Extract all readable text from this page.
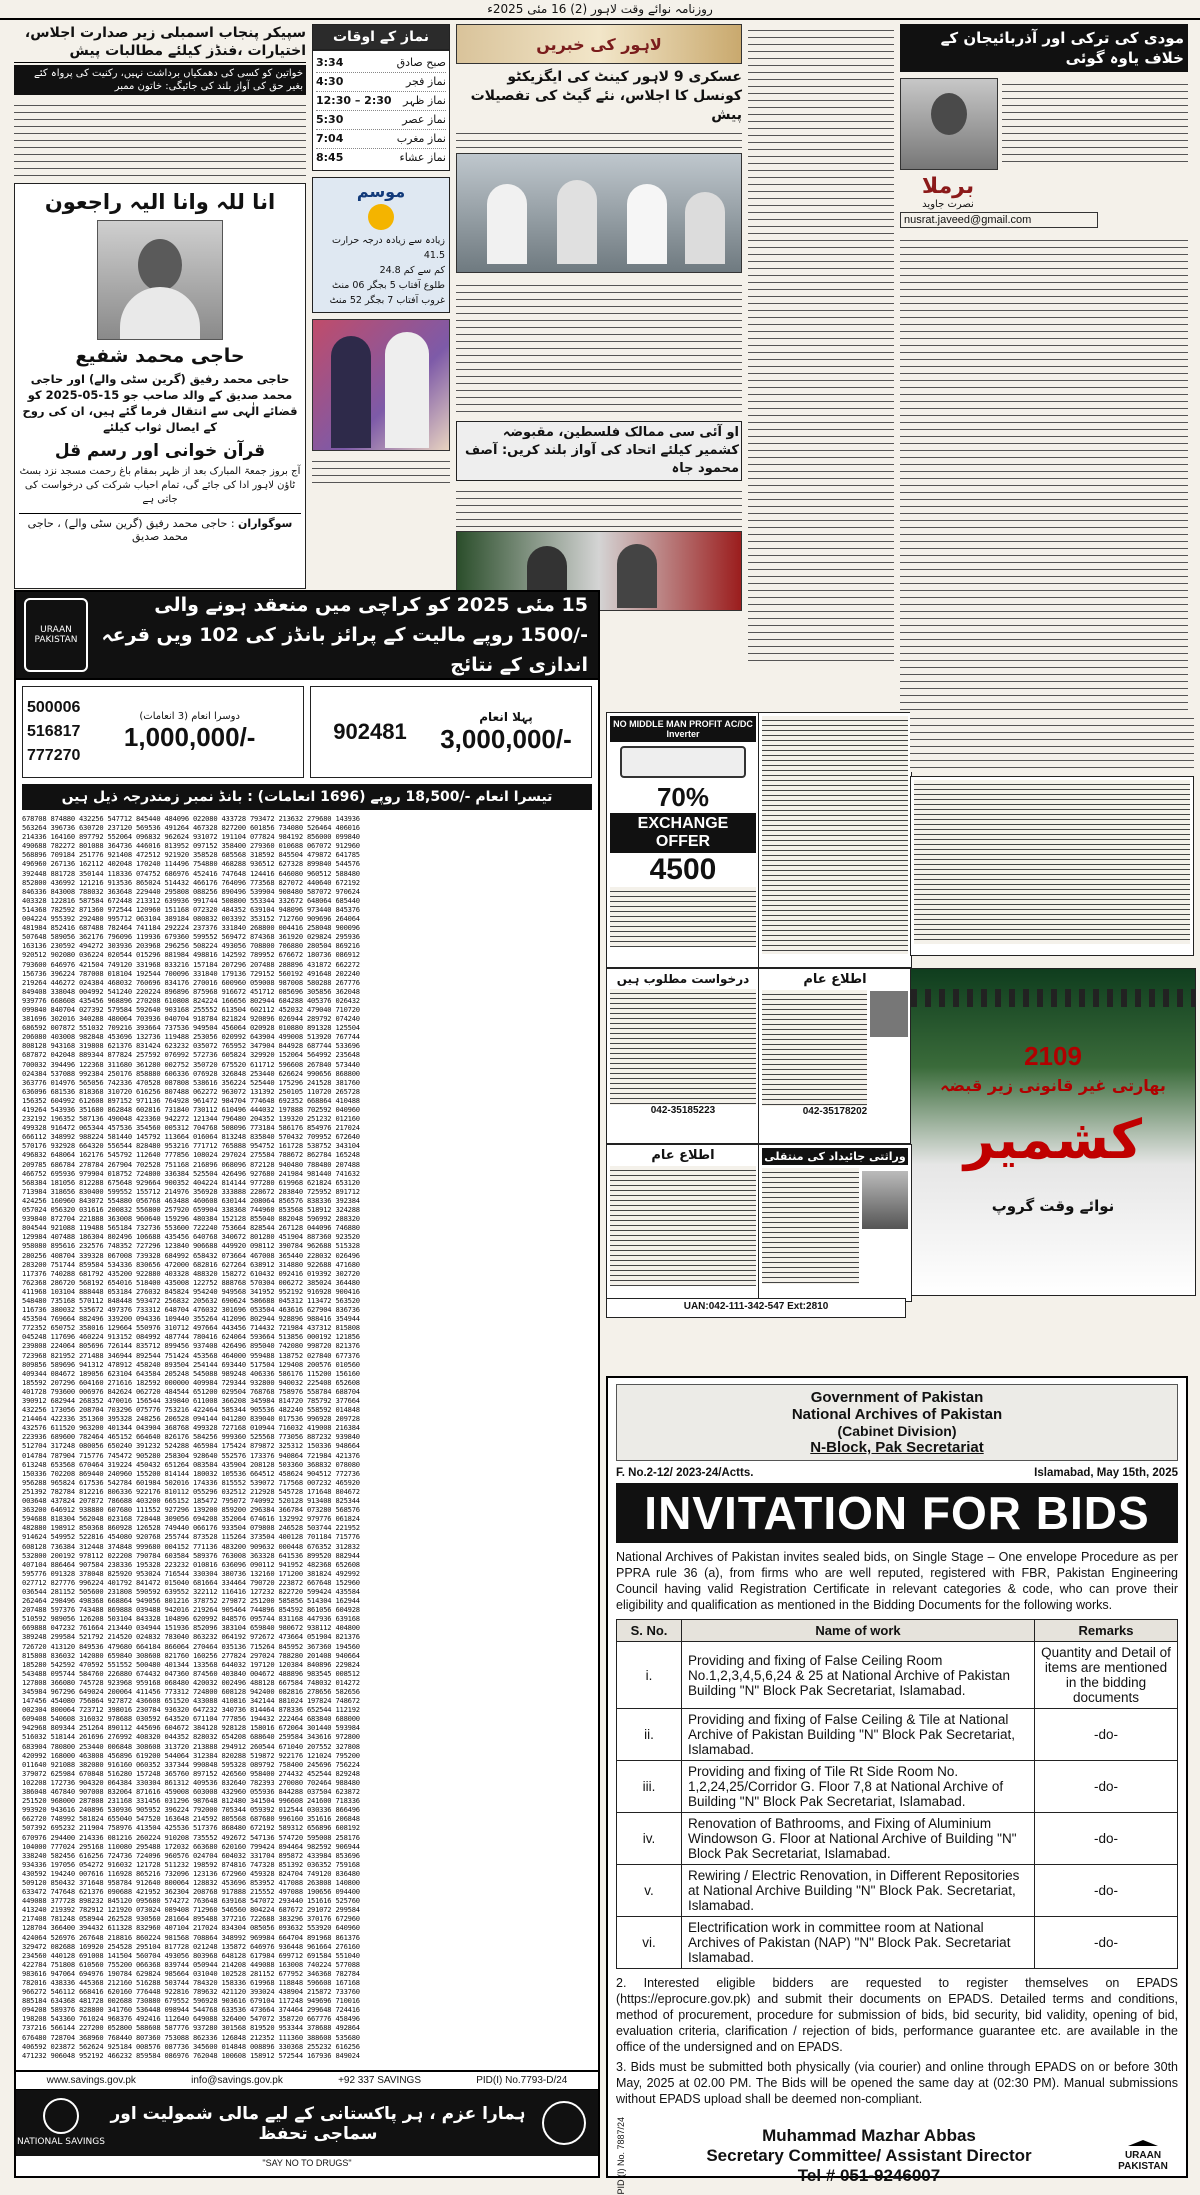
روزنامہ نوائے وقت لاہور (2) 16 مئی 2025ء
سپیکر پنجاب اسمبلی زیر صدارت اجلاس، اختیارات ،فنڈز کیلئے مطالبات پیش
خواتین کو کسی کی دھمکیاں برداشت نہیں، رکنیت کی پرواہ کئے بغیر حق کی آواز بلند کی جائیگی: خاتون ممبر
انا للہ وانا الیہ راجعون
حاجی محمد شفیع
حاجی محمد رفیق (گرین سٹی والے) اور حاجی محمد صدیق کے والد صاحب جو 15-05-2025 کو قضائے الٰہی سے انتقال فرما گئے ہیں، ان کی روح کے ایصال ثواب کیلئے
قرآن خوانی اور رسم قل
آج بروز جمعۃ المبارک بعد از ظہر بمقام باغ رحمت مسجد نزد بسٹ ٹاؤن لاہور ادا کی جائے گی، تمام احباب شرکت کی درخواست کی جاتی ہے
سوگواران : حاجی محمد رفیق (گرین سٹی والے) ، حاجی محمد صدیق
نماز کے اوقات
3:34	صبح صادق
4:30	نماز فجر
12:30 – 2:30 نماز ظہر
5:30	نماز عصر
7:04	نماز مغرب
8:45	نماز عشاء
موسم
زیادہ سے زیادہ درجہ حرارت 41.5
کم سے کم 24.8
طلوع آفتاب 5 بجگر 06 منٹ
غروب آفتاب 7 بجگر 52 منٹ
لاہور کی خبریں
عسکری 9 لاہور کینٹ کی ایگزیکٹو کونسل کا اجلاس، نئے گیٹ کی تفصیلات پیش
او آئی سی ممالک فلسطین، مقبوضہ کشمیر کیلئے اتحاد کی آواز بلند کریں: آصف محمود جاہ
مودی کی ترکی اور آذربائیجان کے خلاف یاوہ گوئی
برملا
نصرت جاوید
nusrat.javeed@gmail.com
URAAN PAKISTAN
15 مئی 2025 کو کراچی میں منعقد ہونے والی -/1500 روپے مالیت کے پرائز بانڈز کی 102 ویں قرعہ اندازی کے نتائج
500006
516817
777270
دوسرا انعام (3 انعامات)
1,000,000/-	902481
پہلا انعام
3,000,000/-
تیسرا انعام -/18,500 روپے (1696 انعامات) : بانڈ نمبر زمندرجہ ذیل ہیں
678708 874880 432256 547712 845440 484096 022080 433728 793472 213632 279680 143936
563264 396736 630720 237120 569536 491264 467328 827200 601856 734080 526464 406016
214336 164160 897792 552064 096832 962624 931072 191104 077824 984192 856000 099840
490688 782272 801088 364736 446016 813952 097152 358400 279360 010688 067072 912960
568896 709184 251776 921408 472512 921920 358528 685568 318592 845504 479872 641785
496960 267136 162112 402048 170240 114496 754880 468288 936512 627328 899840 544576
392448 881728 350144 118336 074752 686976 452416 747648 124416 646080 960512 588480
852800 436992 121216 913536 865024 514432 466176 764096 773568 827072 440640 672192
846336 843008 788032 363648 229440 295808 088256 890496 539904 908480 587072 970624
403328 122816 587584 672448 213312 639936 991744 508800 553344 332672 648064 685440
514368 782592 871360 972544 120960 151168 072320 484352 639104 948096 973440 845376
004224 955392 292480 995712 063104 389184 080832 003392 353152 712760 909696 264064
481984 852416 687488 782464 741184 292224 237376 331840 268800 004416 258048 900096
507648 589056 362176 796096 119936 679360 599552 569472 874368 361920 029824 295936
163136 230592 494272 303936 203968 296256 508224 493056 708800 706880 280504 869216
920512 902080 036224 020544 015296 881984 498816 142592 789952 676672 180736 086912
793600 646976 421504 749120 331968 833216 157184 207296 207488 288896 431872 662272
156736 396224 787008 018104 192544 700096 331840 179136 729152 560192 491648 202240
219264 446272 024384 468032 760696 834176 270016 600960 059008 987008 580288 267776
849408 338048 004992 541240 220224 896896 875968 916672 451712 085696 305856 362048
939776 668608 435456 968896 270208 610808 824224 166656 802944 684288 405376 026432
099840 840704 027392 579584 592640 903168 255552 613504 602112 452032 479040 710720
381696 302016 340288 480064 703936 040704 918784 821824 920896 026944 289792 074240
686592 007872 551032 709216 393664 737536 949504 456064 020928 010880 891328 125504
206080 403008 982848 453696 132736 119488 253056 020992 643904 499008 513920 767744
808128 943168 319808 621376 831424 623232 035072 765952 347904 844928 687744 533696
687872 042048 889344 877824 257592 076992 572736 605824 329920 152064 564992 235648
700032 394496 122368 311680 361280 002752 350720 675520 611712 596608 267840 573440
024384 537088 992384 250176 858880 606336 076928 326848 253440 626624 990656 868800
363776 014976 565056 742336 470528 087808 538616 356224 525440 175296 241528 381760
636096 681536 818368 310720 616256 807488 062272 963072 131392 250105 110720 265728
156352 604992 612608 897152 971136 764928 961472 984704 774648 692352 668864 410488
419264 543936 351680 862848 602816 731840 730112 610496 444032 197888 702592 040960
232192 196352 587136 490048 423360 942272 121344 796480 204352 139320 251232 012160
499328 916472 065344 457536 354560 005312 704768 508096 773184 586176 854976 217024
666112 348992 988224 581440 145792 113664 016064 813248 835840 570432 709952 672640
570176 932928 664320 556544 828480 953216 771712 765888 954752 161728 538752 343104
496832 648064 162176 545792 112640 777856 108024 297024 275584 788672 862784 165248
209785 686784 278784 267904 702528 751168 216896 068096 872128 940480 788480 207488
466752 695936 979904 018752 724800 336384 525504 426496 927680 241984 981440 741632
568384 181056 812288 675648 929664 900352 404224 814144 977280 619968 621824 653120
713984 318656 830400 599552 155712 214976 356928 333888 228672 283840 725952 891712
424256 160960 843072 554880 056768 463488 460608 630144 208064 856576 838336 392384
057024 056320 031616 200832 556800 257920 659904 338368 744960 853568 518912 324288
939840 872704 221888 363008 960640 159296 480384 152128 855040 882048 596992 288320
804544 921088 119488 565184 732736 553600 722240 753664 828544 267128 044096 746880
129984 407488 186304 802496 106688 435456 640768 340672 801280 451904 887360 923520
958080 895616 232576 748352 727296 123840 906688 449920 098112 390784 962688 515328
280256 408704 339328 067008 739328 684992 658432 073664 467008 365440 228032 026496
283200 751744 859584 534336 830656 472000 682816 627264 638912 314880 922688 471680
117376 740288 681792 435200 922880 403328 488320 158272 610432 092416 019392 302720
762368 286720 568192 654016 518400 435008 122752 888768 570304 006272 385024 364480
411968 103104 888448 053184 276032 845824 954240 949568 341952 952192 916928 900416
548480 735168 570112 848448 593472 256832 205632 690624 586688 045312 113472 563520
116736 380032 535672 497376 733312 648704 476032 301696 053504 463616 627904 836736
453504 769664 882496 339200 094336 109440 355264 412096 802944 928896 988416 354944
772352 650752 358016 129664 550976 310712 497664 443456 714432 721984 437312 815808
045248 117696 460224 913152 084992 487744 780416 624064 593664 513856 000192 121856
239808 224064 805696 726144 835712 899456 937408 426496 895040 742080 998720 821376
723968 821952 271488 346944 892544 751424 453568 464000 959488 138752 027840 677376
809856 589696 941312 478912 458240 893504 254144 693440 517504 129408 200576 010560
409344 084672 189056 623104 643584 205248 545088 989248 406336 586176 115200 156160
185592 207296 604160 271616 182592 000000 409984 729344 932800 940032 225408 652608
401728 793600 006976 842624 062720 484544 651200 029504 768768 758976 558784 688704
390912 682944 268352 470016 156544 339840 611008 366208 345984 814720 785792 377664
432256 173056 208704 703296 075776 753216 422464 585344 905536 482240 558592 014848
214464 422336 351360 395328 248256 206528 094144 041280 839040 017536 996928 209728
432576 611520 963200 401344 043904 368768 499328 727168 010944 716032 419008 216384
223936 689600 782464 465152 664640 826176 584256 999360 525568 773056 887232 939840
512704 317248 080056 650240 391232 524288 465984 175424 879872 325312 150336 948664
014784 787904 715776 745472 905280 258304 928640 552576 173376 940864 721984 421376
613248 653568 670464 319224 450432 651264 083584 435904 208128 503360 368832 078080
150336 702208 869440 240960 155200 814144 180032 105536 664512 458624 904512 772736
956288 965824 617536 542784 601984 502016 174336 815552 539072 717568 007232 465920
251392 782784 812216 806336 922176 810112 055296 032512 212928 545728 171648 804672
003648 437824 207872 786688 403200 665152 185472 795072 740992 520128 913408 825344
363200 646912 938880 607680 111552 927296 139200 859200 296384 366784 073280 568576
594688 818304 562048 023168 728448 309056 694208 352064 674616 132992 979776 061824
482880 198912 850368 860928 126528 749440 066176 933504 079808 246528 503744 221952
914624 549952 522816 454080 920768 255744 873528 115264 373504 400128 701184 715776
608128 736384 312448 374848 999680 004152 771136 483200 909632 000448 676352 312832
532800 200192 978112 022208 790784 603584 589376 763008 363328 641536 899520 882944
407104 886464 907584 238336 195328 223232 010816 636096 090112 941952 482368 652608
595776 091328 378048 825920 953024 716544 330304 380736 132160 171200 381824 492992
027712 827776 996224 401792 841472 015040 681664 334464 790720 223872 667648 152960
036544 281152 505600 231808 590592 639552 322112 116416 127232 822720 599424 435584
262464 298496 498368 668864 949056 801216 378752 279872 251200 585856 514304 162944
207488 597376 743488 869888 039488 942016 219264 905464 744896 854592 861056 604928
510592 989056 126208 503104 843328 104896 620992 848576 095744 831168 447936 639168
669888 047232 761664 213440 034944 151936 852096 383104 659840 980672 938112 404800
389248 299584 521792 214520 024832 783040 863232 064192 972672 473664 051904 821376
726720 413120 849536 479680 664184 866064 270464 035136 715264 845952 367360 194560
815808 836032 142080 659840 308608 821760 160256 277824 297024 788280 201408 940664
185280 542592 470592 551552 500480 401344 133568 644032 197120 120384 840896 229824
543488 095744 584760 226880 674432 047360 874560 403840 004672 488896 983545 008512
127808 366080 745728 923968 959168 068480 420032 002496 488128 667584 748032 014272
345984 967296 649024 200064 411456 773312 724800 608128 942400 082816 278656 582656
147456 454080 756864 927872 436608 651520 433088 410816 342144 881024 197824 748672
002304 800064 723712 398016 230784 936320 647232 340736 814464 878336 652544 112192
609408 540608 316032 978688 030592 643520 671104 777856 194432 222464 683840 688000
942968 809344 251264 890112 445696 604672 384128 928128 158016 672064 301440 593984
516032 518144 261696 276992 408320 044352 828032 654208 688640 259584 343616 972800
683904 780800 253440 006848 308608 313720 213888 294912 260544 671040 207552 327808
420992 168000 463808 456896 619200 544064 312384 820288 519872 922176 121024 795200
011640 921088 382080 916160 060352 337344 990848 595328 089792 758400 245696 756224
379072 625984 670848 516280 157248 365760 897152 426560 958400 274432 452544 829248
102208 172736 904320 064384 330304 861312 409536 832640 782393 270080 702464 988480
386048 467840 907008 832064 871616 459008 603008 432960 055936 844288 037504 623872
251520 968000 287808 231168 331456 031296 987648 812480 341504 996608 241600 718336
993920 943616 240896 530936 905952 396224 792000 705344 059392 012544 030336 866496
662720 748992 581824 655040 547520 163648 214592 805568 687680 996160 351616 206848
507392 695232 211904 758976 413504 425536 517376 868480 672192 589312 656896 608192
670976 294400 214336 081216 260224 910208 735552 492672 547136 574720 595008 258176
104000 777024 295168 110080 295488 172032 663680 620160 799424 894464 982592 906944
338240 582456 616256 724736 724096 960576 024704 604032 331704 895872 433984 853696
934336 197056 054272 916032 121728 511232 198592 874816 747328 851392 036352 759168
430592 194240 007616 116928 865216 732096 123136 672960 459328 824704 749120 836480
509120 850432 371648 958784 912640 800064 128832 453696 853952 417088 263808 140800
633472 747648 621376 090688 421952 362304 208768 917888 215552 497088 190656 094400
449088 377728 898232 845120 095680 574272 763648 639168 547072 293440 151616 525760
413240 219392 782912 121920 073024 089408 712960 546560 804224 687672 291072 299584
217408 781248 058944 262528 930560 281664 895488 377216 722688 383296 370176 672960
128704 366400 394432 611328 832960 407104 217024 834304 085056 093632 553920 640960
424064 526976 267648 218816 860224 981568 708864 348992 969984 664704 891968 861376
329472 082688 169920 254528 295104 817728 021248 135872 646976 936448 961664 276160
234560 440128 691008 141504 560704 493056 803968 648128 617984 699712 691584 551040
422784 751808 610560 755200 066368 839744 050944 214208 449088 163008 740224 577088
983616 947064 694976 190784 629824 985664 031040 102528 281152 677952 346368 782784
782016 438336 445368 212160 516288 503744 784320 158336 619968 118848 596608 167168
966272 546112 668416 620160 776448 922816 789632 421120 393024 438904 215872 733760
885184 634368 481728 002688 730880 679552 596928 903616 679104 117248 949696 710016
094208 589376 828800 341760 536448 098944 544768 633536 473664 374464 299648 724416
198208 543360 761024 968376 492416 112640 649088 326400 547072 358720 667776 458496
737216 566144 227200 052800 588608 587776 937280 301568 819520 953344 378688 492864
676480 728704 368960 768440 807360 753088 862336 126848 212352 111360 388608 535680
406592 023872 562624 925184 008576 087736 345600 014848 008896 330368 255232 616256
471232 906048 952192 466232 859584 086976 762048 100608 158912 572544 167936 849024
www.savings.gov.pk	info@savings.gov.pk	+92 337 SAVINGS	PID(I) No.7793-D/24
NATIONAL SAVINGS
ہمارا عزم ، ہر پاکستانی کے لیے مالی شمولیت اور سماجی تحفظ
"SAY NO TO DRUGS"
NO MIDDLE MAN PROFIT AC/DC Inverter
70%
EXCHANGE OFFER
4500
درخواست مطلوب ہیں
042-35185223
اطلاع عام
042-35178202
2109
بھارتی غیر قانونی زیر قبضہ
کشمیر
نوائے وقت گروپ
اطلاع عام	وراثتی جائیداد کی منتقلی
UAN:042-111-342-547 Ext:2810
Government of Pakistan
National Archives of Pakistan
(Cabinet Division)
N-Block, Pak Secretariat
F. No.2-12/ 2023-24/Actts.	Islamabad, May 15th, 2025
INVITATION FOR BIDS
National Archives of Pakistan invites sealed bids, on Single Stage – One envelope Procedure as per PPRA rule 36 (a), from firms who are well reputed, registered with FBR, Pakistan Engineering Council having valid Registration Certificate in relevant categories & code, who can prove their eligibility and qualification as mentioned in the Bidding Documents for the following works.
S. No.	Name of work	Remarks
i.	Providing and fixing of False Ceiling Room No.1,2,3,4,5,6,24 & 25 at National Archive of Pakistan Building "N" Block Pak Secretariat, Islamabad.	Quantity and Detail of items are mentioned in the bidding documents
ii.	Providing and fixing of False Ceiling & Tile at National Archive of Pakistan Building "N" Block Pak Secretariat, Islamabad.	-do-
iii.	Providing and fixing of Tile Rt Side Room No. 1,2,24,25/Corridor G. Floor 7,8 at National Archive of Building "N" Block Pak Secretariat, Islamabad.	-do-
iv.	Renovation of Bathrooms, and Fixing of Aluminium Windowson G. Floor at National Archive of Building "N" Block Pak Secretariat, Islamabad.	-do-
v.	Rewiring / Electric Renovation, in Different Repositories at National Archive Building "N" Block Pak. Secretariat, Islamabad.	-do-
vi.	Electrification work in committee room at National Archives of Pakistan (NAP) "N" Block Pak. Secretariat Islamabad.	-do-
2. Interested eligible bidders are requested to register themselves on EPADS (https://eprocure.gov.pk) and submit their documents on EPADS. Detailed terms and conditions, method of procurement, procedure for submission of bids, bid security, bid validity, opening of bid, evaluation criteria, clarification / rejection of bids, performance guarantee etc. are available in the office of the undersigned and on EPADS.
3. Bids must be submitted both physically (via courier) and online through EPADS on or before 30th May, 2025 at 02.00 PM. The Bids will be opened the same day at (02:30 PM). Manual submissions without EPADS upload shall be deemed non-compliant.
PID (I) No. 7887/24	Muhammad Mazhar Abbas
Secretary Committee/ Assistant Director
Tel # 051-9246007
URAAN PAKISTAN
